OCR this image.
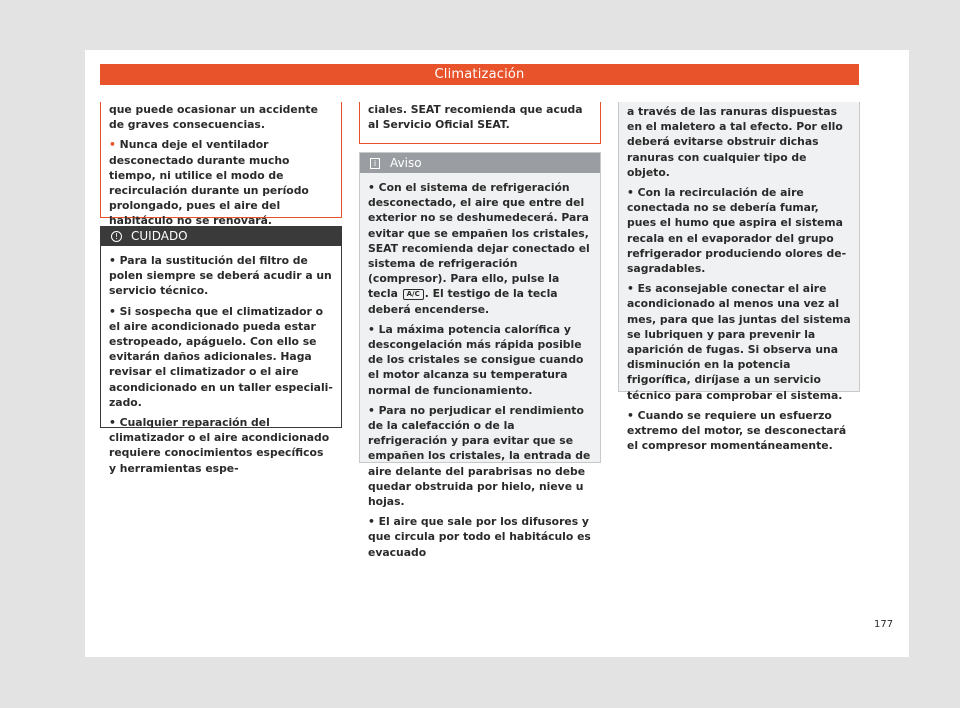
Climatización

que puede ocasionar un accidente de graves consecuencias.

• Nunca deje el ventilador desconectado durante mucho tiempo, ni utilice el modo de recirculación durante un período prolongado, pues el aire del habitáculo no se renovará.

!	CUIDADO

• Para la sustitución del filtro de polen siempre se deberá acudir a un servicio técnico.

• Si sospecha que el climatizador o el aire acondicionado pueda estar estropeado, apáguelo. Con ello se evitarán daños adicionales. Haga revisar el climatizador o el aire acondicionado en un taller especializado.

• Cualquier reparación del climatizador o el aire acondicionado requiere conocimientos específicos y herramientas espe-

ciales. SEAT recomienda que acuda al Servicio Oficial SEAT.

i	Aviso

• Con el sistema de refrigeración desconectado, el aire que entre del exterior no se deshumedecerá. Para evitar que se empañen los cristales, SEAT recomienda dejar conectado el sistema de refrigeración (compresor). Para ello, pulse la tecla A/C . El testigo de la tecla deberá encenderse.

• La máxima potencia calorífica y descongelación más rápida posible de los cristales se consigue cuando el motor alcanza su temperatura normal de funcionamiento.

• Para no perjudicar el rendimiento de la calefacción o de la refrigeración y para evitar que se empañen los cristales, la entrada de aire delante del parabrisas no debe quedar obstruida por hielo, nieve u hojas.

• El aire que sale por los difusores y que circula por todo el habitáculo es evacuado

a través de las ranuras dispuestas en el maletero a tal efecto. Por ello deberá evitarse obstruir dichas ranuras con cualquier tipo de objeto.

• Con la recirculación de aire conectada no se debería fumar, pues el humo que aspira el sistema recala en el evaporador del grupo refrigerador produciendo olores desagradables.

• Es aconsejable conectar el aire acondicionado al menos una vez al mes, para que las juntas del sistema se lubriquen y para prevenir la aparición de fugas. Si observa una disminución en la potencia frigorífica, diríjase a un servicio técnico para comprobar el sistema.

• Cuando se requiere un esfuerzo extremo del motor, se desconectará el compresor momentáneamente.

177
